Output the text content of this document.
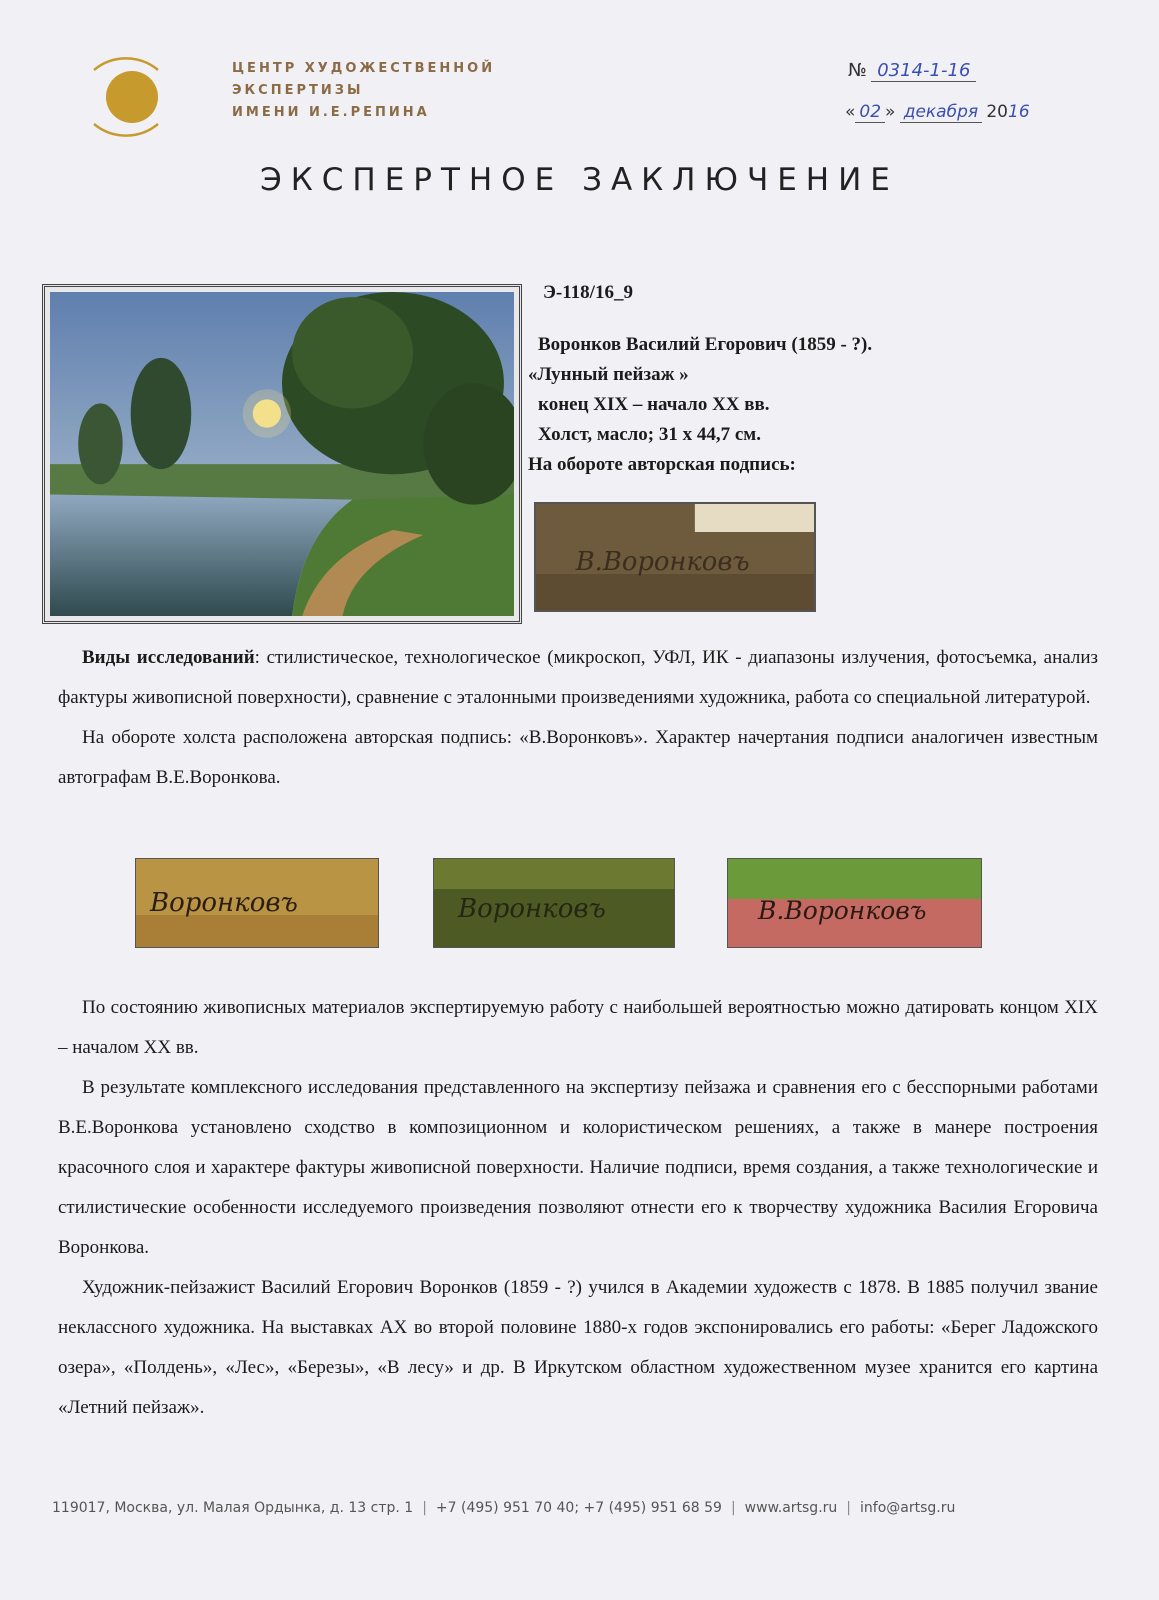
ЦЕНТР ХУДОЖЕСТВЕННОЙ
ЭКСПЕРТИЗЫ
ИМЕНИ И.Е.РЕПИНА
№ 0314-1-16
« 02 » декабря 2016
ЭКСПЕРТНОЕ ЗАКЛЮЧЕНИЕ
Э-118/16_9
Воронков Василий Егорович (1859 - ?).
«Лунный пейзаж »
конец XIX – начало XX вв.
Холст, масло; 31 х 44,7 см.
На обороте авторская подпись:
В.Воронковъ

Виды исследований: стилистическое, технологическое (микроскоп, УФЛ, ИК - диапазоны излучения, фотосъемка, анализ фактуры живописной поверхности), сравнение с эталонными произведениями художника, работа со специальной литературой.

На обороте холста расположена авторская подпись: «В.Воронковъ». Характер начертания подписи аналогичен известным автографам В.Е.Воронкова.

Воронковъ	Воронковъ	В.Воронковъ

По состоянию живописных материалов экспертируемую работу с наибольшей вероятностью можно датировать концом XIX – началом XX вв.

В результате комплексного исследования представленного на экспертизу пейзажа и сравнения его с бесспорными работами В.Е.Воронкова установлено сходство в композиционном и колористическом решениях, а также в манере построения красочного слоя и характере фактуры живописной поверхности. Наличие подписи, время создания, а также технологические и стилистические особенности исследуемого произведения позволяют отнести его к творчеству художника Василия Егоровича Воронкова.

Художник-пейзажист Василий Егорович Воронков (1859 - ?) учился в Академии художеств с 1878. В 1885 получил звание неклассного художника. На выставках АХ во второй половине 1880-х годов экспонировались его работы: «Берег Ладожского озера», «Полдень», «Лес», «Березы», «В лесу» и др. В Иркутском областном художественном музее хранится его картина «Летний пейзаж».

119017, Москва, ул. Малая Ордынка, д. 13 стр. 1 | +7 (495) 951 70 40; +7 (495) 951 68 59 | www.artsg.ru | info@artsg.ru
